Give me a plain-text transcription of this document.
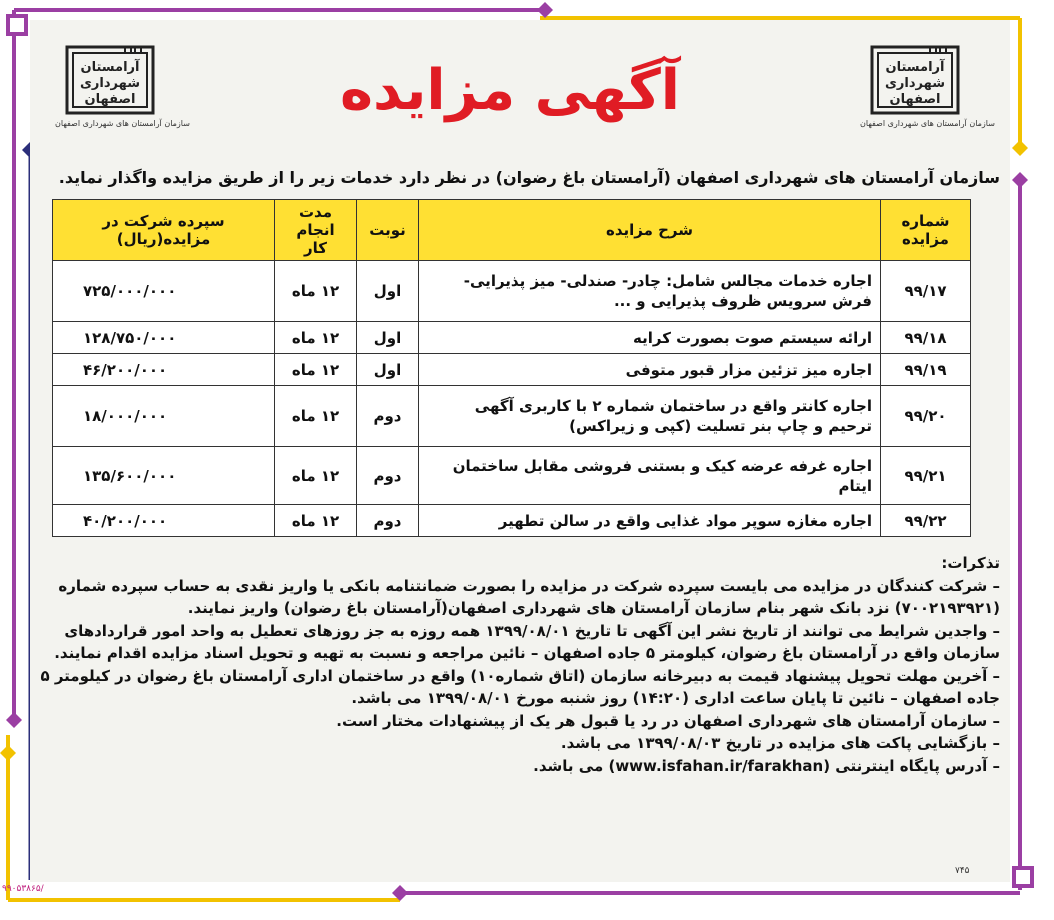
آرامستان
شهرداری
اصفهان
سازمان آرامستان های شهرداری اصفهان
آرامستان
شهرداری
اصفهان
سازمان آرامستان های شهرداری اصفهان
آگهی مزایده
سازمان آرامستان های شهرداری اصفهان (آرامستان باغ رضوان) در نظر دارد خدمات زیر را از طریق مزایده واگذار نماید.
شماره مزایده	شرح مزایده	نوبت	مدت انجام کار	سپرده شرکت در مزایده(ریال)
۹۹/۱۷	اجاره خدمات مجالس شامل: چادر- صندلی- میز پذیرایی- فرش سرویس ظروف پذیرایی و ...	اول	۱۲ ماه	۷۲۵/۰۰۰/۰۰۰
۹۹/۱۸	ارائه سیستم صوت بصورت کرایه	اول	۱۲ ماه	۱۲۸/۷۵۰/۰۰۰
۹۹/۱۹	اجاره میز تزئین مزار قبور متوفی	اول	۱۲ ماه	۴۶/۲۰۰/۰۰۰
۹۹/۲۰	اجاره کانتر واقع در ساختمان شماره ۲ با کاربری آگهی ترحیم و چاپ بنر تسلیت (کپی و زیراکس)	دوم	۱۲ ماه	۱۸/۰۰۰/۰۰۰
۹۹/۲۱	اجاره غرفه عرضه کیک و بستنی فروشی مقابل ساختمان ایتام	دوم	۱۲ ماه	۱۳۵/۶۰۰/۰۰۰
۹۹/۲۲	اجاره مغازه سوپر مواد غذایی واقع در سالن تطهیر	دوم	۱۲ ماه	۴۰/۲۰۰/۰۰۰

تذکرات:

– شرکت کنندگان در مزایده می بایست سپرده شرکت در مزایده را بصورت ضمانتنامه بانکی یا واریز نقدی به حساب سپرده شماره (۷۰۰۲۱۹۳۹۲۱) نزد بانک شهر بنام سازمان آرامستان های شهرداری اصفهان(آرامستان باغ رضوان) واریز نمایند.

– واجدین شرایط می توانند از تاریخ نشر این آگهی تا تاریخ ۱۳۹۹/۰۸/۰۱ همه روزه به جز روزهای تعطیل به واحد امور قراردادهای سازمان واقع در آرامستان باغ رضوان، کیلومتر ۵ جاده اصفهان – نائین مراجعه و نسبت به تهیه و تحویل اسناد مزایده اقدام نمایند.

– آخرین مهلت تحویل پیشنهاد قیمت به دبیرخانه سازمان (اتاق شماره۱۰) واقع در ساختمان اداری آرامستان باغ رضوان در کیلومتر ۵ جاده اصفهان – نائین تا پایان ساعت اداری (۱۴:۲۰) روز شنبه مورخ ۱۳۹۹/۰۸/۰۱ می باشد.

– سازمان آرامستان های شهرداری اصفهان در رد یا قبول هر یک از پیشنهادات مختار است.

– بازگشایی پاکت های مزایده در تاریخ ۱۳۹۹/۰۸/۰۳ می باشد.

– آدرس پایگاه اینترنتی (www.isfahan.ir/farakhan) می باشد.

۷۴۵
۹۹۰۵۳۸۶۵/
